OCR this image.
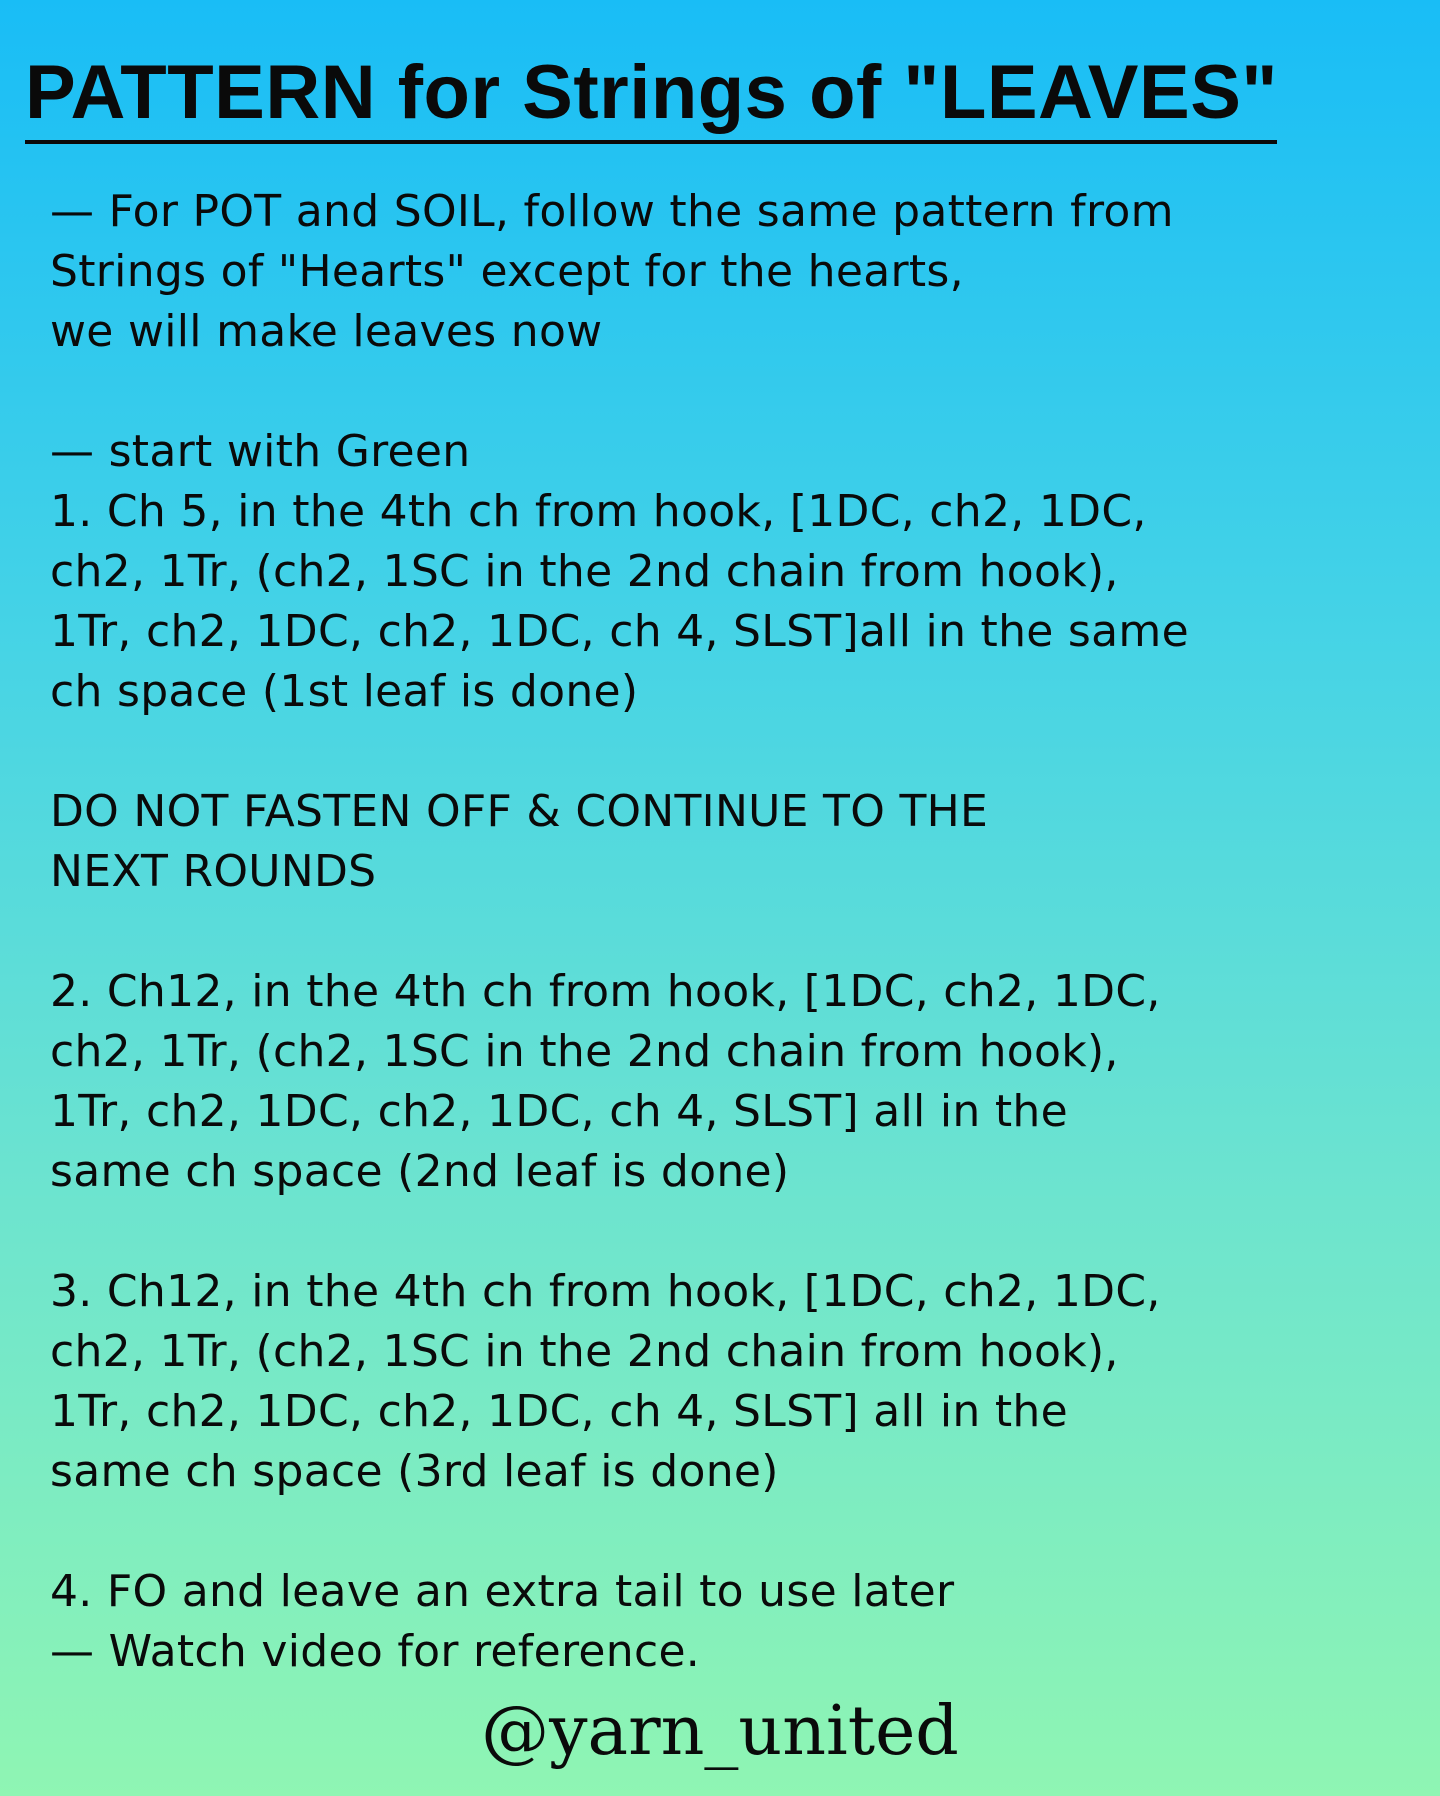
PATTERN for Strings of "LEAVES"
— For POT and SOIL, follow the same pattern from
Strings of "Hearts" except for the hearts,
we will make leaves now
— start with Green
1. Ch 5, in the 4th ch from hook, [1DC, ch2, 1DC,
ch2, 1Tr, (ch2, 1SC in the 2nd chain from hook),
1Tr, ch2, 1DC, ch2, 1DC, ch 4, SLST]all in the same
ch space (1st leaf is done)
DO NOT FASTEN OFF & CONTINUE TO THE
NEXT ROUNDS
2. Ch12, in the 4th ch from hook, [1DC, ch2, 1DC,
ch2, 1Tr, (ch2, 1SC in the 2nd chain from hook),
1Tr, ch2, 1DC, ch2, 1DC, ch 4, SLST] all in the
same ch space (2nd leaf is done)
3. Ch12, in the 4th ch from hook, [1DC, ch2, 1DC,
ch2, 1Tr, (ch2, 1SC in the 2nd chain from hook),
1Tr, ch2, 1DC, ch2, 1DC, ch 4, SLST] all in the
same ch space (3rd leaf is done)
4. FO and leave an extra tail to use later
— Watch video for reference.
@yarn_united
